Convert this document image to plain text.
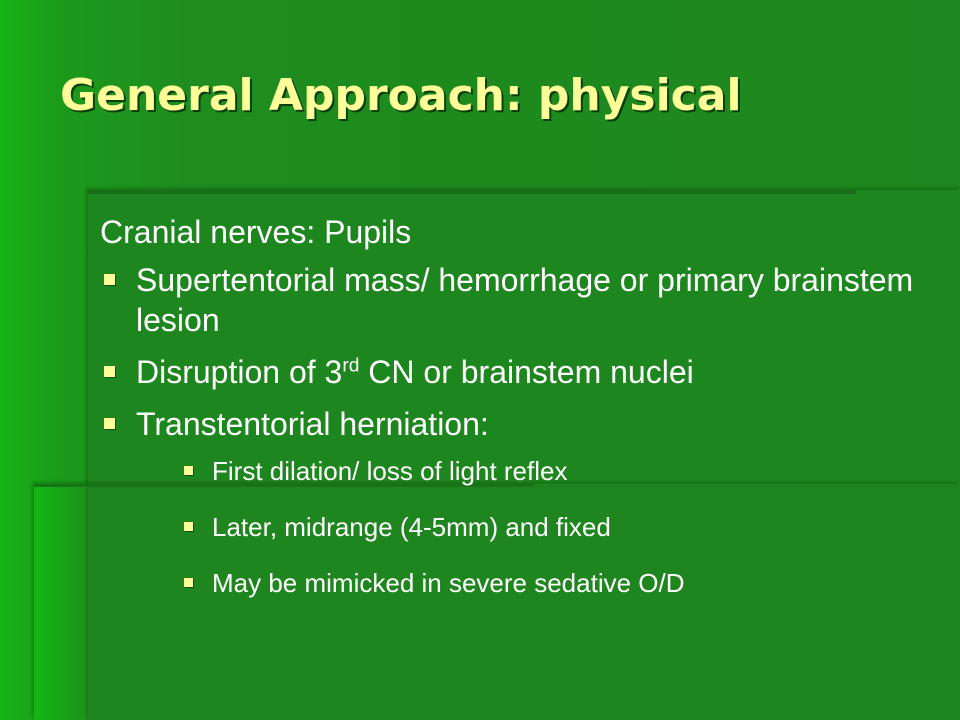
General Approach: physical

Cranial nerves: Pupils

Supertentorial mass/ hemorrhage or primary brainstem lesion
Disruption of 3rd CN or brainstem nuclei
Transtentorial herniation:
First dilation/ loss of light reflex
Later, midrange (4-5mm) and fixed
May be mimicked in severe sedative O/D
